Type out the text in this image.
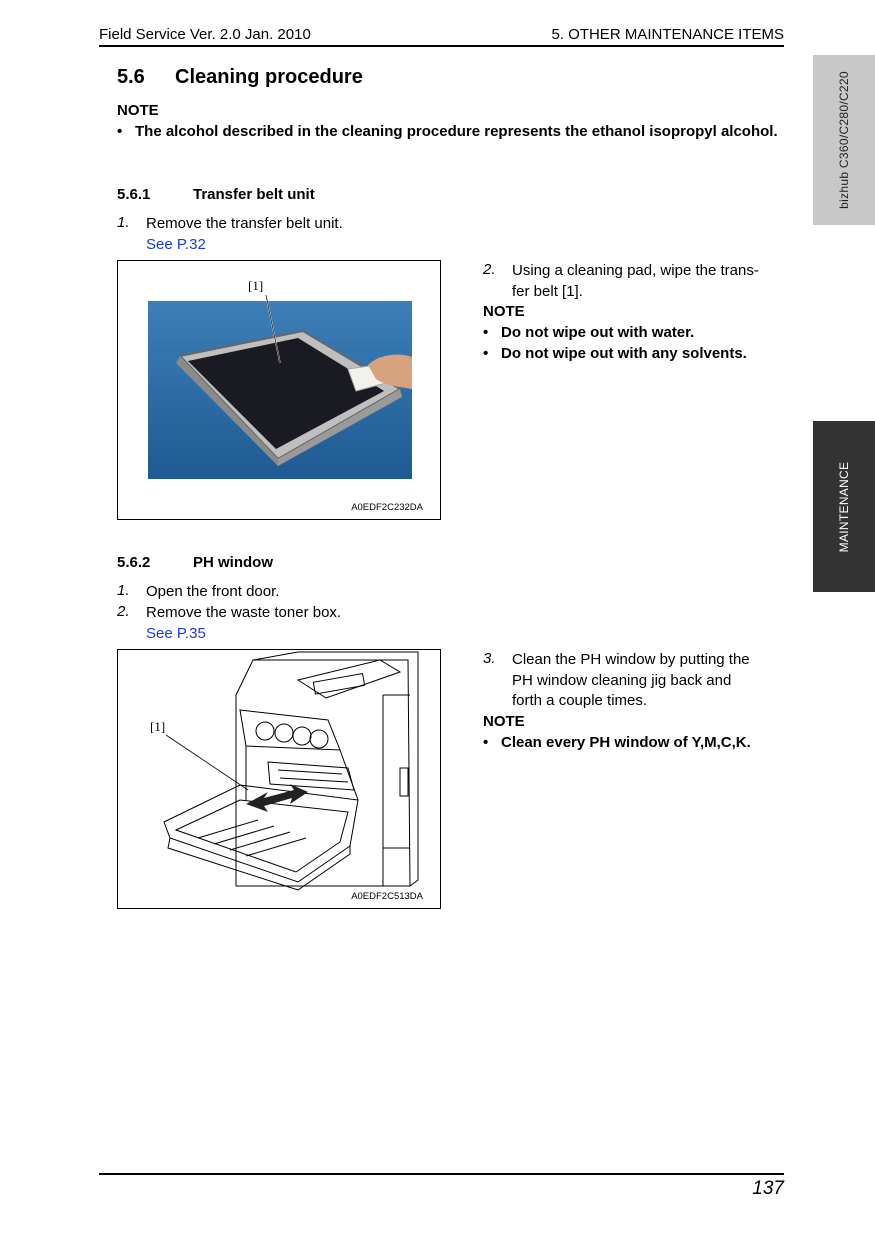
Field Service Ver. 2.0 Jan. 2010	5. OTHER MAINTENANCE ITEMS
bizhub C360/C280/C220
MAINTENANCE
5.6 Cleaning procedure
NOTE
• The alcohol described in the cleaning procedure represents the ethanol isopropyl alcohol.
5.6.1	Transfer belt unit
1. Remove the transfer belt unit.
See P.32
[1]
A0EDF2C232DA
2. Using a cleaning pad, wipe the trans-
fer belt [1].
NOTE
• Do not wipe out with water.
• Do not wipe out with any solvents.
5.6.2	PH window
1. Open the front door.
2. Remove the waste toner box.
See P.35
[1]
A0EDF2C513DA
3. Clean the PH window by putting the
PH window cleaning jig back and
forth a couple times.
NOTE
• Clean every PH window of Y,M,C,K.
137
